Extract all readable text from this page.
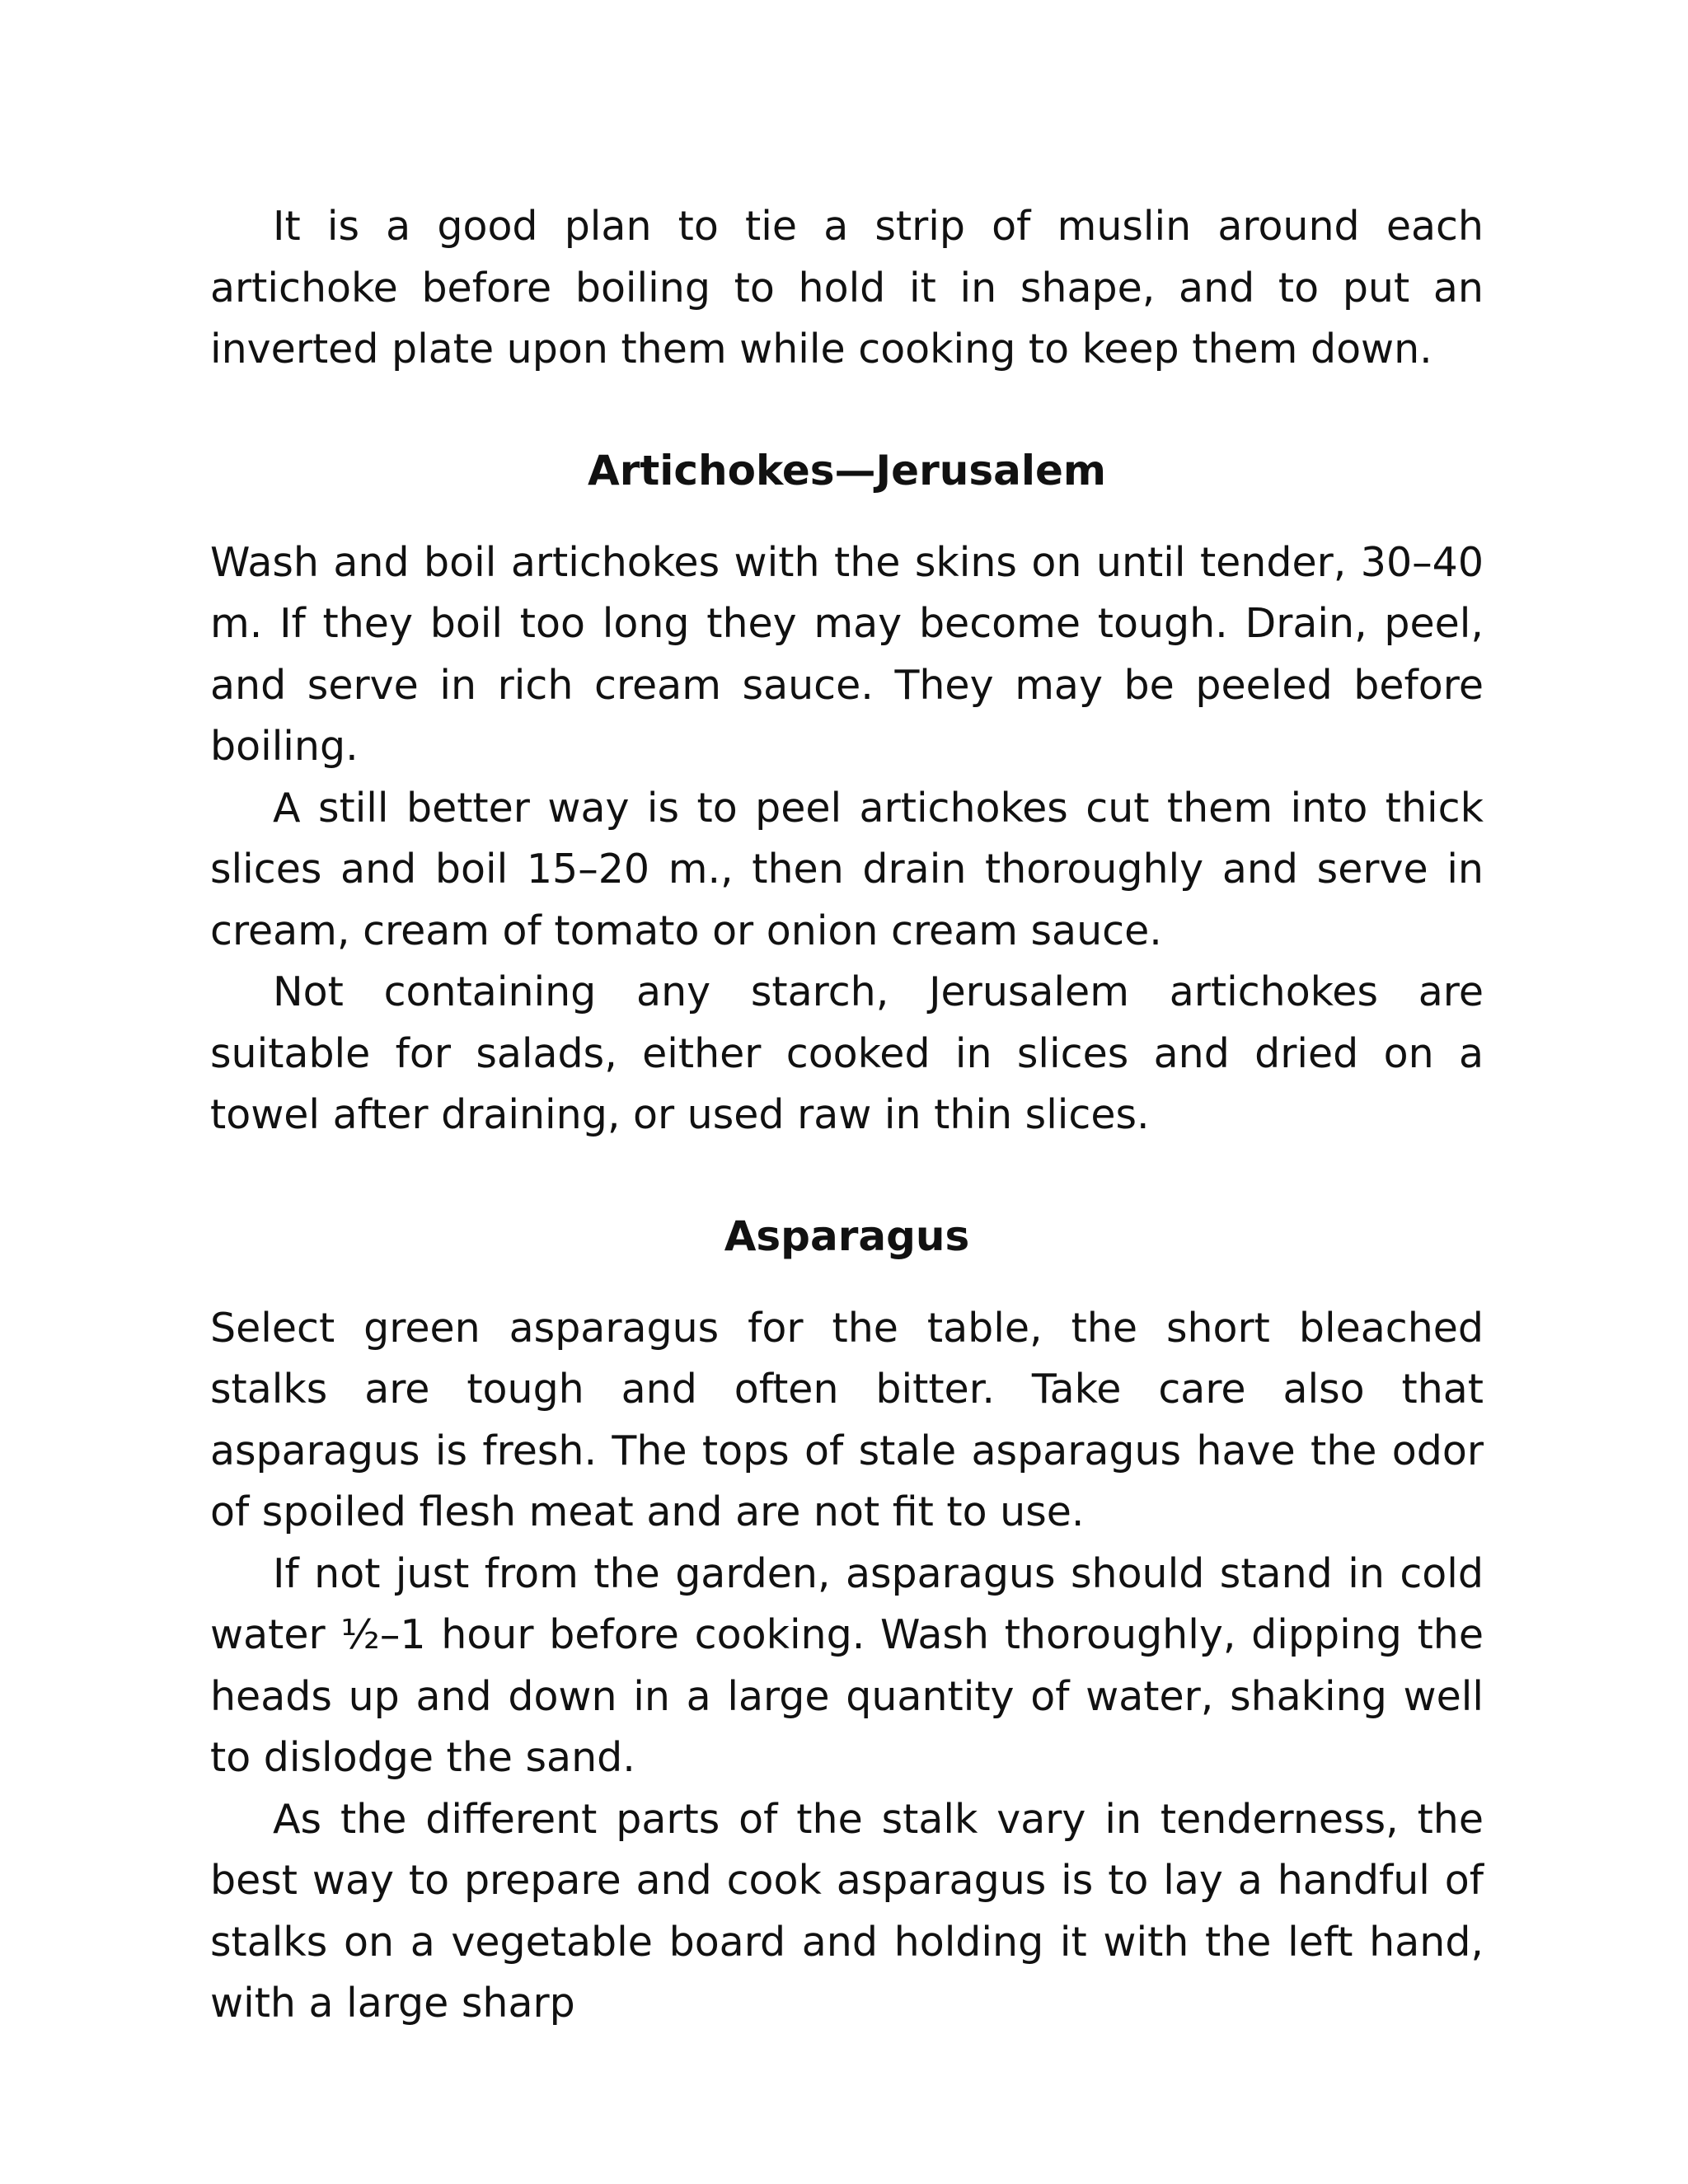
It is a good plan to tie a strip of muslin around each artichoke before boiling to hold it in shape, and to put an inverted plate upon them while cooking to keep them down.

Artichokes—Jerusalem

Wash and boil artichokes with the skins on until tender, 30–40 m. If they boil too long they may become tough. Drain, peel, and serve in rich cream sauce. They may be peeled before boiling.

A still better way is to peel artichokes cut them into thick slices and boil 15–20 m., then drain thoroughly and serve in cream, cream of tomato or onion cream sauce.

Not containing any starch, Jerusalem artichokes are suitable for salads, either cooked in slices and dried on a towel after draining, or used raw in thin slices.

Asparagus

Select green asparagus for the table, the short bleached stalks are tough and often bitter. Take care also that asparagus is fresh. The tops of stale asparagus have the odor of spoiled flesh meat and are not fit to use.

If not just from the garden, asparagus should stand in cold water ½–1 hour before cooking. Wash thoroughly, dipping the heads up and down in a large quantity of water, shaking well to dislodge the sand.

As the different parts of the stalk vary in tenderness, the best way to prepare and cook asparagus is to lay a handful of stalks on a vegetable board and holding it with the left hand, with a large sharp
